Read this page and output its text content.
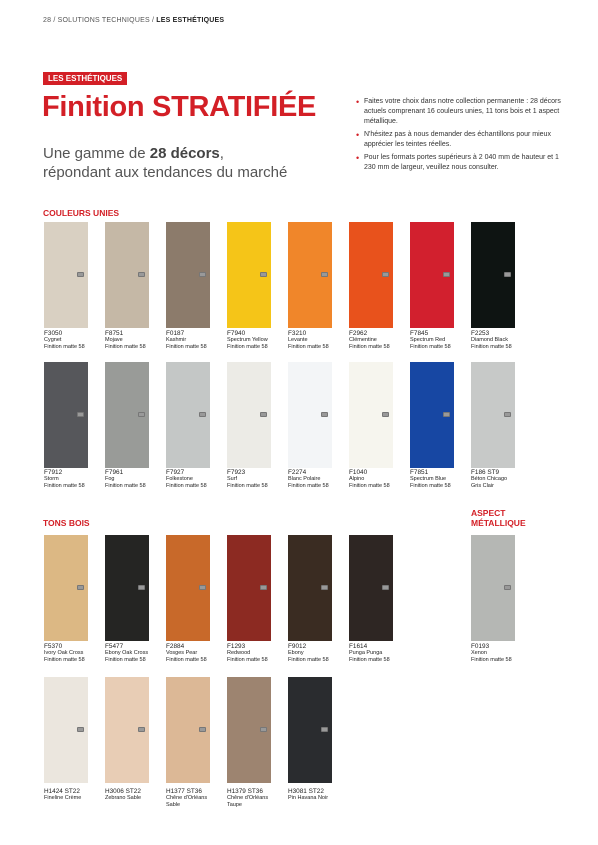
28 / SOLUTIONS TECHNIQUES / LES ESTHÉTIQUES
LES ESTHÉTIQUES
Finition STRATIFIÉE
Une gamme de 28 décors,
répondant aux tendances du marché
• Faites votre choix dans notre collection permanente : 28 décors actuels comprenant 16 couleurs unies, 11 tons bois et 1 aspect métallique.
• N'hésitez pas à nous demander des échantillons pour mieux apprécier les teintes réelles.
• Pour les formats portes supérieurs à 2 040 mm de hauteur et 1 230 mm de largeur, veuillez nous consulter.
COULEURS UNIES
TONS BOIS
ASPECT
MÉTALLIQUE
F3050
Cygnet
Finition matte 58
F8751
Mojave
Finition matte 58
F0187
Kashmir
Finition matte 58
F7940
Spectrum Yellow
Finition matte 58
F3210
Levante
Finition matte 58
F2962
Clémentine
Finition matte 58
F7845
Spectrum Red
Finition matte 58
F2253
Diamond Black
Finition matte 58
F7912
Storm
Finition matte 58
F7961
Fog
Finition matte 58
F7927
Folkestone
Finition matte 58
F7923
Surf
Finition matte 58
F2274
Blanc Polaire
Finition matte 58
F1040
Alpino
Finition matte 58
F7851
Spectrum Blue
Finition matte 58
F186 ST9
Béton Chicago
Gris Clair
F5370
Ivory Oak Cross
Finition matte 58
F5477
Ebony Oak Cross
Finition matte 58
F2884
Vosges Pear
Finition matte 58
F1293
Redwood
Finition matte 58
F9012
Ebony
Finition matte 58
F1614
Punga Punga
Finition matte 58
F0193
Xenon
Finition matte 58
H1424 ST22
Fineline Crème
H3006 ST22
Zebrano Sable
H1377 ST36
Chêne d'Orléans
Sable
H1379 ST36
Chêne d'Orléans
Taupe
H3081 ST22
Pin Havana Noir
